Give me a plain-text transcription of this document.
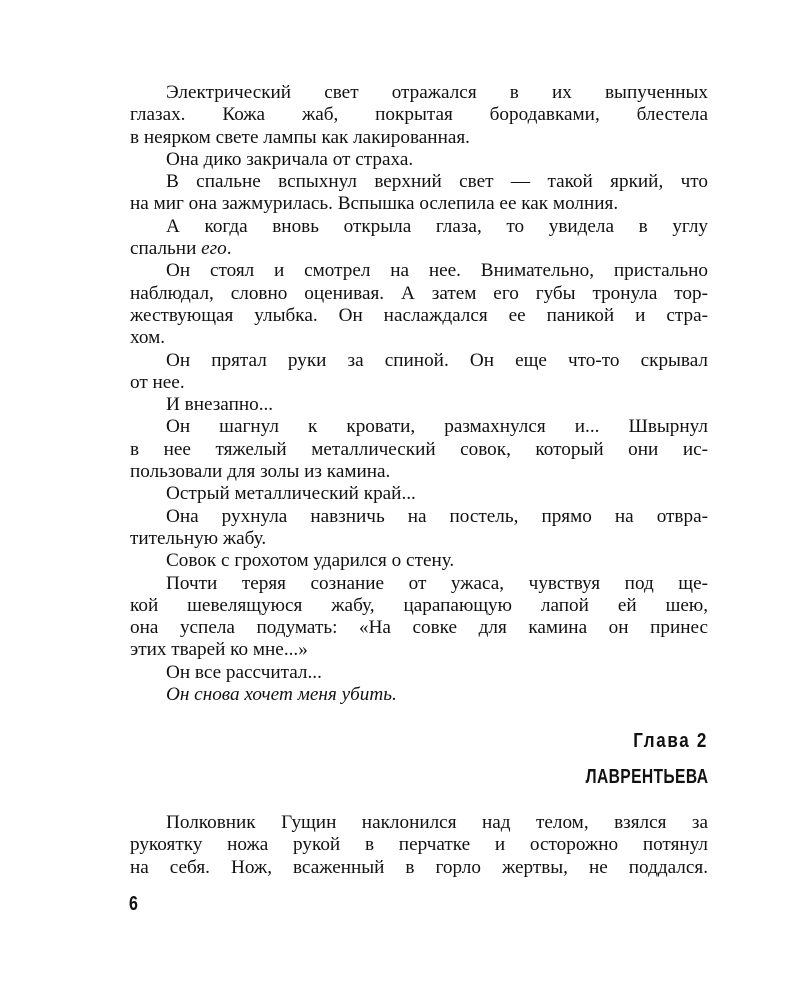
Электрический свет отражался в их выпученных
глазах. Кожа жаб, покрытая бородавками, блестела
в неярком свете лампы как лакированная.
Она дико закричала от страха.
В спальне вспыхнул верхний свет — такой яркий, что
на миг она зажмурилась. Вспышка ослепила ее как молния.
А когда вновь открыла глаза, то увидела в углу
спальни его.
Он стоял и смотрел на нее. Внимательно, пристально
наблюдал, словно оценивая. А затем его губы тронула тор-
жествующая улыбка. Он наслаждался ее паникой и стра-
хом.
Он прятал руки за спиной. Он еще что-то скрывал
от нее.
И внезапно...
Он шагнул к кровати, размахнулся и... Швырнул
в нее тяжелый металлический совок, который они ис-
пользовали для золы из камина.
Острый металлический край...
Она рухнула навзничь на постель, прямо на отвра-
тительную жабу.
Совок с грохотом ударился о стену.
Почти теряя сознание от ужаса, чувствуя под ще-
кой шевелящуюся жабу, царапающую лапой ей шею,
она успела подумать: «На совке для камина он принес
этих тварей ко мне...»
Он все рассчитал...
Он снова хочет меня убить.
Глава 2
ЛАВРЕНТЬЕВА
Полковник Гущин наклонился над телом, взялся за
рукоятку ножа рукой в перчатке и осторожно потянул
на себя. Нож, всаженный в горло жертвы, не поддался.
6
